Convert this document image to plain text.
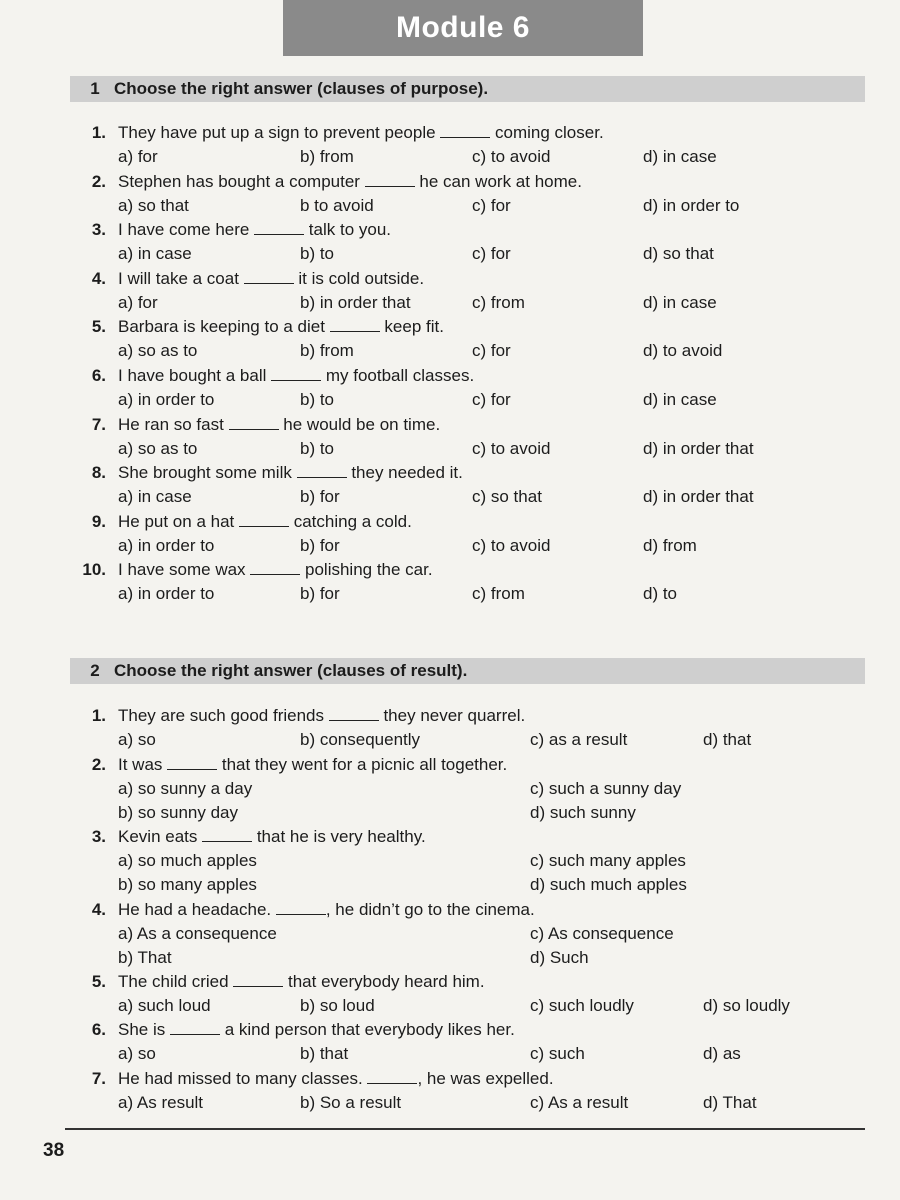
Module 6
1 Choose the right answer (clauses of purpose).
1. They have put up a sign to prevent people	coming closer.
a) for	b) from	c) to avoid	d) in case
2. Stephen has bought a computer	he can work at home.
a) so that	b to avoid	c) for	d) in order to
3. I have come here	talk to you.
a) in case	b) to	c) for	d) so that
4. I will take a coat	it is cold outside.
a) for	b) in order that	c) from	d) in case
5. Barbara is keeping to a diet	keep fit.
a) so as to	b) from	c) for	d) to avoid
6. I have bought a ball	my football classes.
a) in order to	b) to	c) for	d) in case
7. He ran so fast	he would be on time.
a) so as to	b) to	c) to avoid	d) in order that
8. She brought some milk	they needed it.
a) in case	b) for	c) so that	d) in order that
9. He put on a hat	catching a cold.
a) in order to	b) for	c) to avoid	d) from
10. I have some wax	polishing the car.
a) in order to	b) for	c) from	d) to
2 Choose the right answer (clauses of result).
1. They are such good friends	they never quarrel.
a) so	b) consequently	c) as a result	d) that
2. It was	that they went for a picnic all together.
a) so sunny a day	c) such a sunny day
b) so sunny day	d) such sunny
3. Kevin eats	that he is very healthy.
a) so much apples	c) such many apples
b) so many apples	d) such much apples
4. He had a headache.	, he didn’t go to the cinema.
a) As a consequence	c) As consequence
b) That	d) Such
5. The child cried	that everybody heard him.
a) such loud	b) so loud	c) such loudly	d) so loudly
6. She is	a kind person that everybody likes her.
a) so	b) that	c) such	d) as
7. He had missed to many classes.	, he was expelled.
a) As result	b) So a result	c) As a result	d) That
38
